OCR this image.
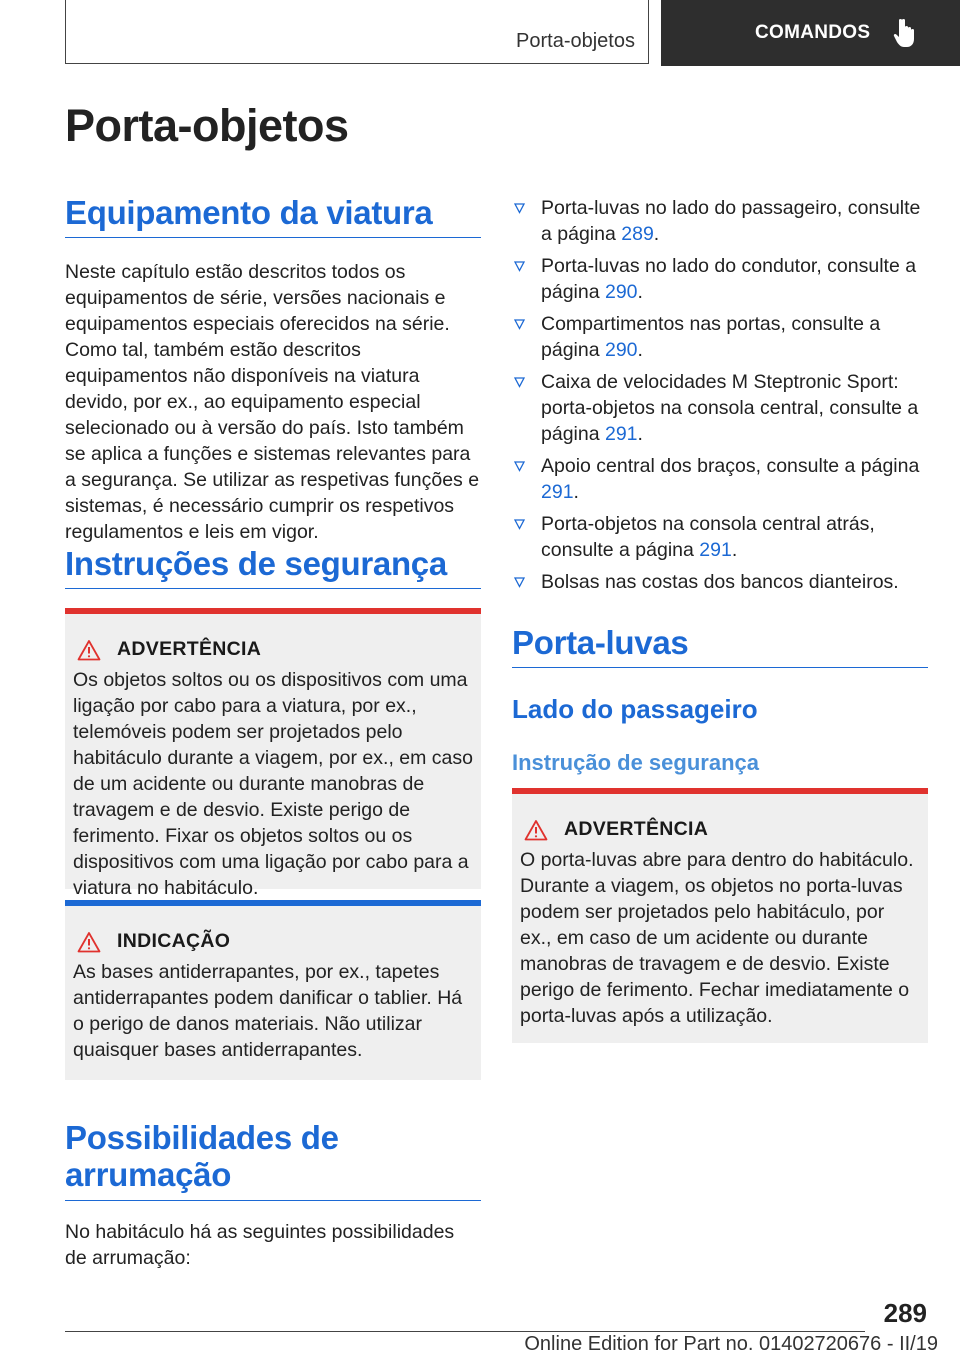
Porta-objetos	COMANDOS
Porta-objetos
Equipamento da viatura

Neste capítulo estão descritos todos os equipamentos de série, versões nacionais e equipamentos especiais oferecidos na série. Como tal, também estão descritos equipamentos não disponíveis na viatura devido, por ex., ao equipamento especial selecionado ou à versão do país. Isto também se aplica a funções e sistemas relevantes para a segurança. Se utilizar as respetivas funções e sistemas, é necessário cumprir os respetivos regulamentos e leis em vigor.

Instruções de segurança
ADVERTÊNCIA

Os objetos soltos ou os dispositivos com uma ligação por cabo para a viatura, por ex., telemóveis podem ser projetados pelo habitáculo durante a viagem, por ex., em caso de um acidente ou durante manobras de travagem e de desvio. Existe perigo de ferimento. Fixar os objetos soltos ou os dispositivos com uma ligação por cabo para a viatura no habitáculo.

INDICAÇÃO

As bases antiderrapantes, por ex., tapetes antiderrapantes podem danificar o tablier. Há o perigo de danos materiais. Não utilizar quaisquer bases antiderrapantes.

Possibilidades de
arrumação

No habitáculo há as seguintes possibilidades de arrumação:

Porta-luvas no lado do passageiro, consulte a página 289.
Porta-luvas no lado do condutor, consulte a página 290.
Compartimentos nas portas, consulte a página 290.
Caixa de velocidades M Steptronic Sport: porta-objetos na consola central, consulte a página 291.
Apoio central dos braços, consulte a página 291.
Porta-objetos na consola central atrás, consulte a página 291.
Bolsas nas costas dos bancos dianteiros.
Porta-luvas
Lado do passageiro
Instrução de segurança
ADVERTÊNCIA

O porta-luvas abre para dentro do habitáculo. Durante a viagem, os objetos no porta-luvas podem ser projetados pelo habitáculo, por ex., em caso de um acidente ou durante manobras de travagem e de desvio. Existe perigo de ferimento. Fechar imediatamente o porta-luvas após a utilização.

289
Online Edition for Part no. 01402720676 - II/19
